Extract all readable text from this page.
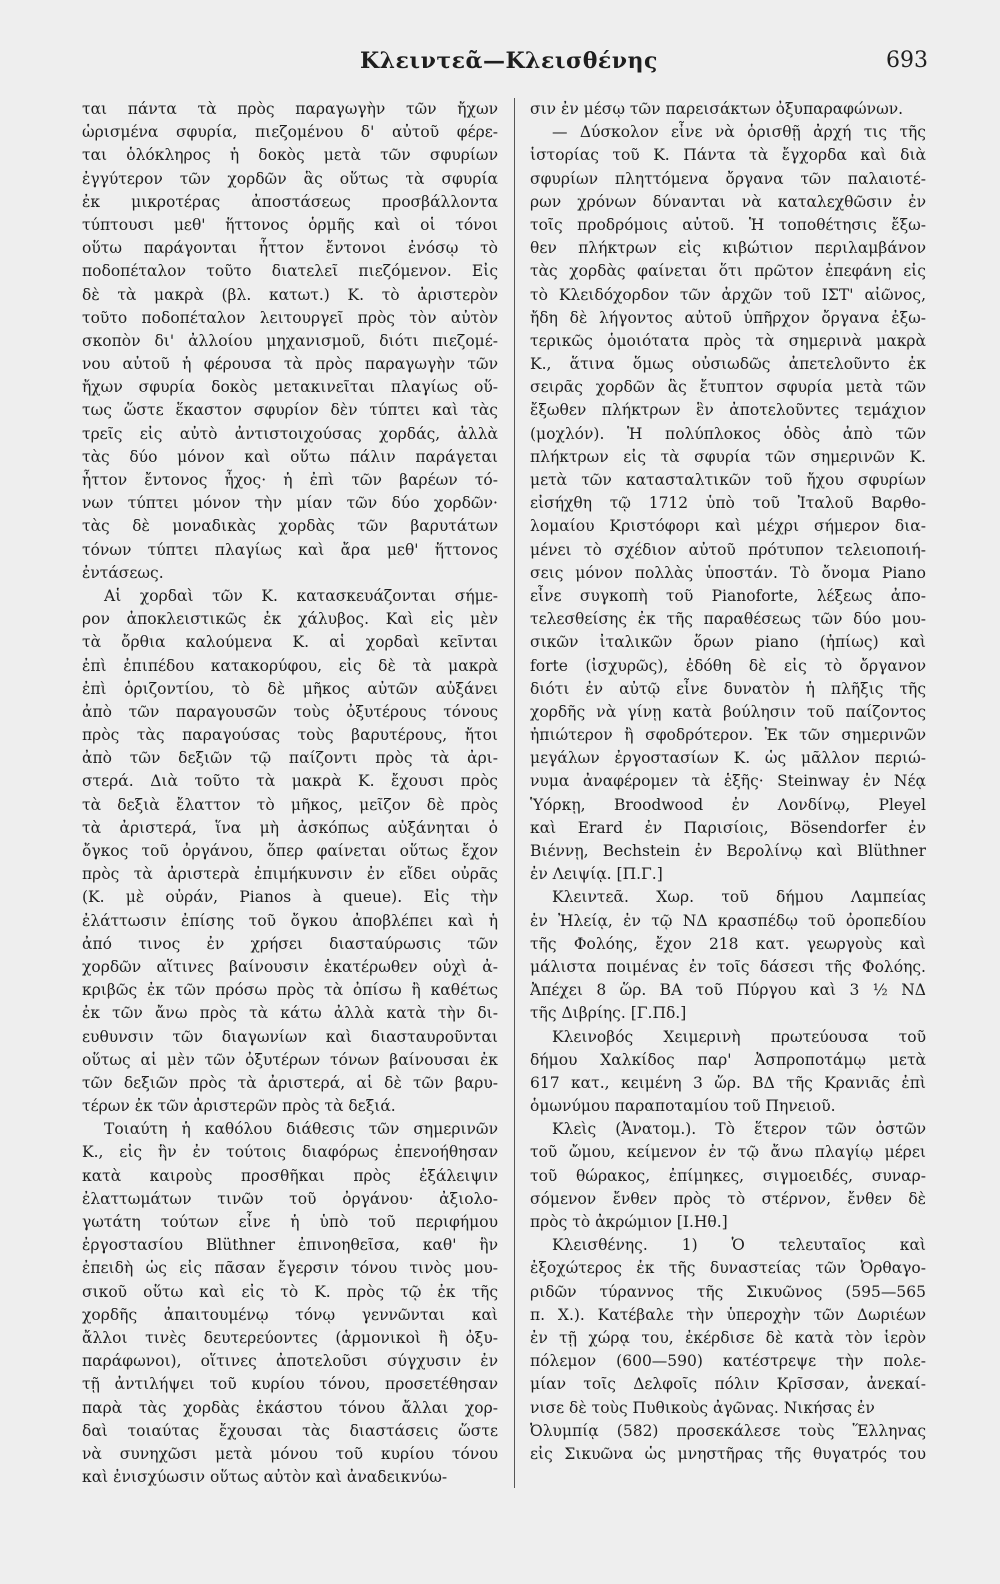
Κλειντεᾶ—Κλεισθένης	693
ται πάντα τὰ πρὸς παραγωγὴν τῶν ἤχων
ὡρισμένα σφυρία, πιεζομένου δ' αὐτοῦ φέρε-
ται ὁλόκληρος ἡ δοκὸς μετὰ τῶν σφυρίων
ἐγγύτερον τῶν χορδῶν ἃς οὕτως τὰ σφυρία
ἐκ μικροτέρας ἀποστάσεως προσβάλλοντα
τύπτουσι μεθ' ἥττονος ὁρμῆς καὶ οἱ τόνοι
οὕτω παράγονται ἧττον ἔντονοι ἐνόσῳ τὸ
ποδοπέταλον τοῦτο διατελεῖ πιεζόμενον. Εἰς
δὲ τὰ μακρὰ (βλ. κατωτ.) Κ. τὸ ἀριστερὸν
τοῦτο ποδοπέταλον λειτουργεῖ πρὸς τὸν αὐτὸν
σκοπὸν δι' ἀλλοίου μηχανισμοῦ, διότι πιεζομέ-
νου αὐτοῦ ἡ φέρουσα τὰ πρὸς παραγωγὴν τῶν
ἤχων σφυρία δοκὸς μετακινεῖται πλαγίως οὕ-
τως ὥστε ἕκαστον σφυρίον δὲν τύπτει καὶ τὰς
τρεῖς εἰς αὐτὸ ἀντιστοιχούσας χορδάς, ἀλλὰ
τὰς δύο μόνον καὶ οὕτω πάλιν παράγεται
ἧττον ἔντονος ἦχος· ἡ ἐπὶ τῶν βαρέων τό-
νων τύπτει μόνον τὴν μίαν τῶν δύο χορδῶν·
τὰς δὲ μοναδικὰς χορδὰς τῶν βαρυτάτων
τόνων τύπτει πλαγίως καὶ ἄρα μεθ' ἥττονος
ἐντάσεως.
Αἱ χορδαὶ τῶν Κ. κατασκευάζονται σήμε-
ρον ἀποκλειστικῶς ἐκ χάλυβος. Καὶ εἰς μὲν
τὰ ὄρθια καλούμενα Κ. αἱ χορδαὶ κεῖνται
ἐπὶ ἐπιπέδου κατακορύφου, εἰς δὲ τὰ μακρὰ
ἐπὶ ὁριζοντίου, τὸ δὲ μῆκος αὐτῶν αὐξάνει
ἀπὸ τῶν παραγουσῶν τοὺς ὀξυτέρους τόνους
πρὸς τὰς παραγούσας τοὺς βαρυτέρους, ἤτοι
ἀπὸ τῶν δεξιῶν τῷ παίζοντι πρὸς τὰ ἀρι-
στερά. Διὰ τοῦτο τὰ μακρὰ Κ. ἔχουσι πρὸς
τὰ δεξιὰ ἔλαττον τὸ μῆκος, μεῖζον δὲ πρὸς
τὰ ἀριστερά, ἵνα μὴ ἀσκόπως αὐξάνηται ὁ
ὄγκος τοῦ ὀργάνου, ὅπερ φαίνεται οὕτως ἔχον
πρὸς τὰ ἀριστερὰ ἐπιμήκυνσιν ἐν εἴδει οὐρᾶς
(Κ. μὲ οὐράν, Pianos à queue). Εἰς τὴν
ἐλάττωσιν ἐπίσης τοῦ ὄγκου ἀποβλέπει καὶ ἡ
ἀπό τινος ἐν χρήσει διασταύρωσις τῶν
χορδῶν αἵτινες βαίνουσιν ἑκατέρωθεν οὐχὶ ἀ-
κριβῶς ἐκ τῶν πρόσω πρὸς τὰ ὀπίσω ἢ καθέτως
ἐκ τῶν ἄνω πρὸς τὰ κάτω ἀλλὰ κατὰ τὴν δι-
ευθυνσιν τῶν διαγωνίων καὶ διασταυροῦνται
οὕτως αἱ μὲν τῶν ὀξυτέρων τόνων βαίνουσαι ἐκ
τῶν δεξιῶν πρὸς τὰ ἀριστερά, αἱ δὲ τῶν βαρυ-
τέρων ἐκ τῶν ἀριστερῶν πρὸς τὰ δεξιά.
Τοιαύτη ἡ καθόλου διάθεσις τῶν σημερινῶν
Κ., εἰς ἣν ἐν τούτοις διαφόρως ἐπενοήθησαν
κατὰ καιροὺς προσθῆκαι πρὸς ἐξάλειψιν
ἐλαττωμάτων τινῶν τοῦ ὀργάνου· ἀξιολο-
γωτάτη τούτων εἶνε ἡ ὑπὸ τοῦ περιφήμου
ἐργοστασίου Blüthner ἐπινοηθεῖσα, καθ' ἣν
ἐπειδὴ ὡς εἰς πᾶσαν ἔγερσιν τόνου τινὸς μου-
σικοῦ οὕτω καὶ εἰς τὸ Κ. πρὸς τῷ ἐκ τῆς
χορδῆς ἀπαιτουμένῳ τόνῳ γεννῶνται καὶ
ἄλλοι τινὲς δευτερεύοντες (ἁρμονικοὶ ἢ ὀξυ-
παράφωνοι), οἵτινες ἀποτελοῦσι σύγχυσιν ἐν
τῇ ἀντιλήψει τοῦ κυρίου τόνου, προσετέθησαν
παρὰ τὰς χορδὰς ἑκάστου τόνου ἄλλαι χορ-
δαὶ τοιαύτας ἔχουσαι τὰς διαστάσεις ὥστε
νὰ συνηχῶσι μετὰ μόνου τοῦ κυρίου τόνου
καὶ ἐνισχύωσιν οὕτως αὐτὸν καὶ ἀναδεικνύω-
σιν ἐν μέσῳ τῶν παρεισάκτων ὀξυπαραφώνων.
— Δύσκολον εἶνε νὰ ὁρισθῇ ἀρχή τις τῆς
ἱστορίας τοῦ Κ. Πάντα τὰ ἔγχορδα καὶ διὰ
σφυρίων πληττόμενα ὄργανα τῶν παλαιοτέ-
ρων χρόνων δύνανται νὰ καταλεχθῶσιν ἐν
τοῖς προδρόμοις αὐτοῦ. Ἡ τοποθέτησις ἔξω-
θεν πλήκτρων εἰς κιβώτιον περιλαμβάνον
τὰς χορδὰς φαίνεται ὅτι πρῶτον ἐπεφάνη εἰς
τὸ Κλειδόχορδον τῶν ἀρχῶν τοῦ ΙΣΤ' αἰῶνος,
ἤδη δὲ λήγοντος αὐτοῦ ὑπῆρχον ὄργανα ἐξω-
τερικῶς ὁμοιότατα πρὸς τὰ σημερινὰ μακρὰ
Κ., ἅτινα ὅμως οὐσιωδῶς ἀπετελοῦντο ἐκ
σειρᾶς χορδῶν ἃς ἔτυπτον σφυρία μετὰ τῶν
ἔξωθεν πλήκτρων ἓν ἀποτελοῦντες τεμάχιον
(μοχλόν). Ἡ πολύπλοκος ὁδὸς ἀπὸ τῶν
πλήκτρων εἰς τὰ σφυρία τῶν σημερινῶν Κ.
μετὰ τῶν κατασταλτικῶν τοῦ ἤχου σφυρίων
εἰσήχθη τῷ 1712 ὑπὸ τοῦ Ἰταλοῦ Βαρθο-
λομαίου Κριστόφορι καὶ μέχρι σήμερον δια-
μένει τὸ σχέδιον αὐτοῦ πρότυπον τελειοποιή-
σεις μόνον πολλὰς ὑποστάν. Τὸ ὄνομα Piano
εἶνε συγκοπὴ τοῦ Pianoforte, λέξεως ἀπο-
τελεσθείσης ἐκ τῆς παραθέσεως τῶν δύο μου-
σικῶν ἰταλικῶν ὅρων piano (ἠπίως) καὶ
forte (ἰσχυρῶς), ἐδόθη δὲ εἰς τὸ ὄργανον
διότι ἐν αὐτῷ εἶνε δυνατὸν ἡ πλῆξις τῆς
χορδῆς νὰ γίνῃ κατὰ βούλησιν τοῦ παίζοντος
ἠπιώτερον ἢ σφοδρότερον. Ἐκ τῶν σημερινῶν
μεγάλων ἐργοστασίων Κ. ὡς μᾶλλον περιώ-
νυμα ἀναφέρομεν τὰ ἑξῆς· Steinway ἐν Νέᾳ
Ὑόρκῃ, Broodwood ἐν Λονδίνῳ, Pleyel
καὶ Erard ἐν Παρισίοις, Bösendorfer ἐν
Βιέννῃ, Bechstein ἐν Βερολίνῳ καὶ Blüthner
ἐν Λειψίᾳ. [Π.Γ.]
Κλειντεᾶ. Χωρ. τοῦ δήμου Λαμπείας
ἐν Ἠλείᾳ, ἐν τῷ ΝΔ κρασπέδῳ τοῦ ὀροπεδίου
τῆς Φολόης, ἔχον 218 κατ. γεωργοὺς καὶ
μάλιστα ποιμένας ἐν τοῖς δάσεσι τῆς Φολόης.
Ἀπέχει 8 ὥρ. ΒΑ τοῦ Πύργου καὶ 3 ½ ΝΔ
τῆς Διβρίης. [Γ.Πδ.]
Κλεινοβός Χειμερινὴ πρωτεύουσα τοῦ
δήμου Χαλκίδος παρ' Ἀσπροποτάμῳ μετὰ
617 κατ., κειμένη 3 ὥρ. ΒΔ τῆς Κρανιᾶς ἐπὶ
ὁμωνύμου παραποταμίου τοῦ Πηνειοῦ.
Κλεὶς (Ἀνατομ.). Τὸ ἕτερον τῶν ὀστῶν
τοῦ ὤμου, κείμενον ἐν τῷ ἄνω πλαγίῳ μέρει
τοῦ θώρακος, ἐπίμηκες, σιγμοειδές, συναρ-
σόμενον ἔνθεν πρὸς τὸ στέρνον, ἔνθεν δὲ
πρὸς τὸ ἀκρώμιον [Ι.Ηθ.]
Κλεισθένης. 1) Ὁ τελευταῖος καὶ
ἐξοχώτερος ἐκ τῆς δυναστείας τῶν Ὀρθαγο-
ριδῶν τύραννος τῆς Σικυῶνος (595—565
π. Χ.). Κατέβαλε τὴν ὑπεροχὴν τῶν Δωριέων
ἐν τῇ χώρᾳ του, ἐκέρδισε δὲ κατὰ τὸν ἱερὸν
πόλεμον (600—590) κατέστρεψε τὴν πολε-
μίαν τοῖς Δελφοῖς πόλιν Κρῖσσαν, ἀνεκαί-
νισε δὲ τοὺς Πυθικοὺς ἀγῶνας. Νικήσας ἐν
Ὀλυμπίᾳ (582) προσεκάλεσε τοὺς Ἕλληνας
εἰς Σικυῶνα ὡς μνηστῆρας τῆς θυγατρός του
